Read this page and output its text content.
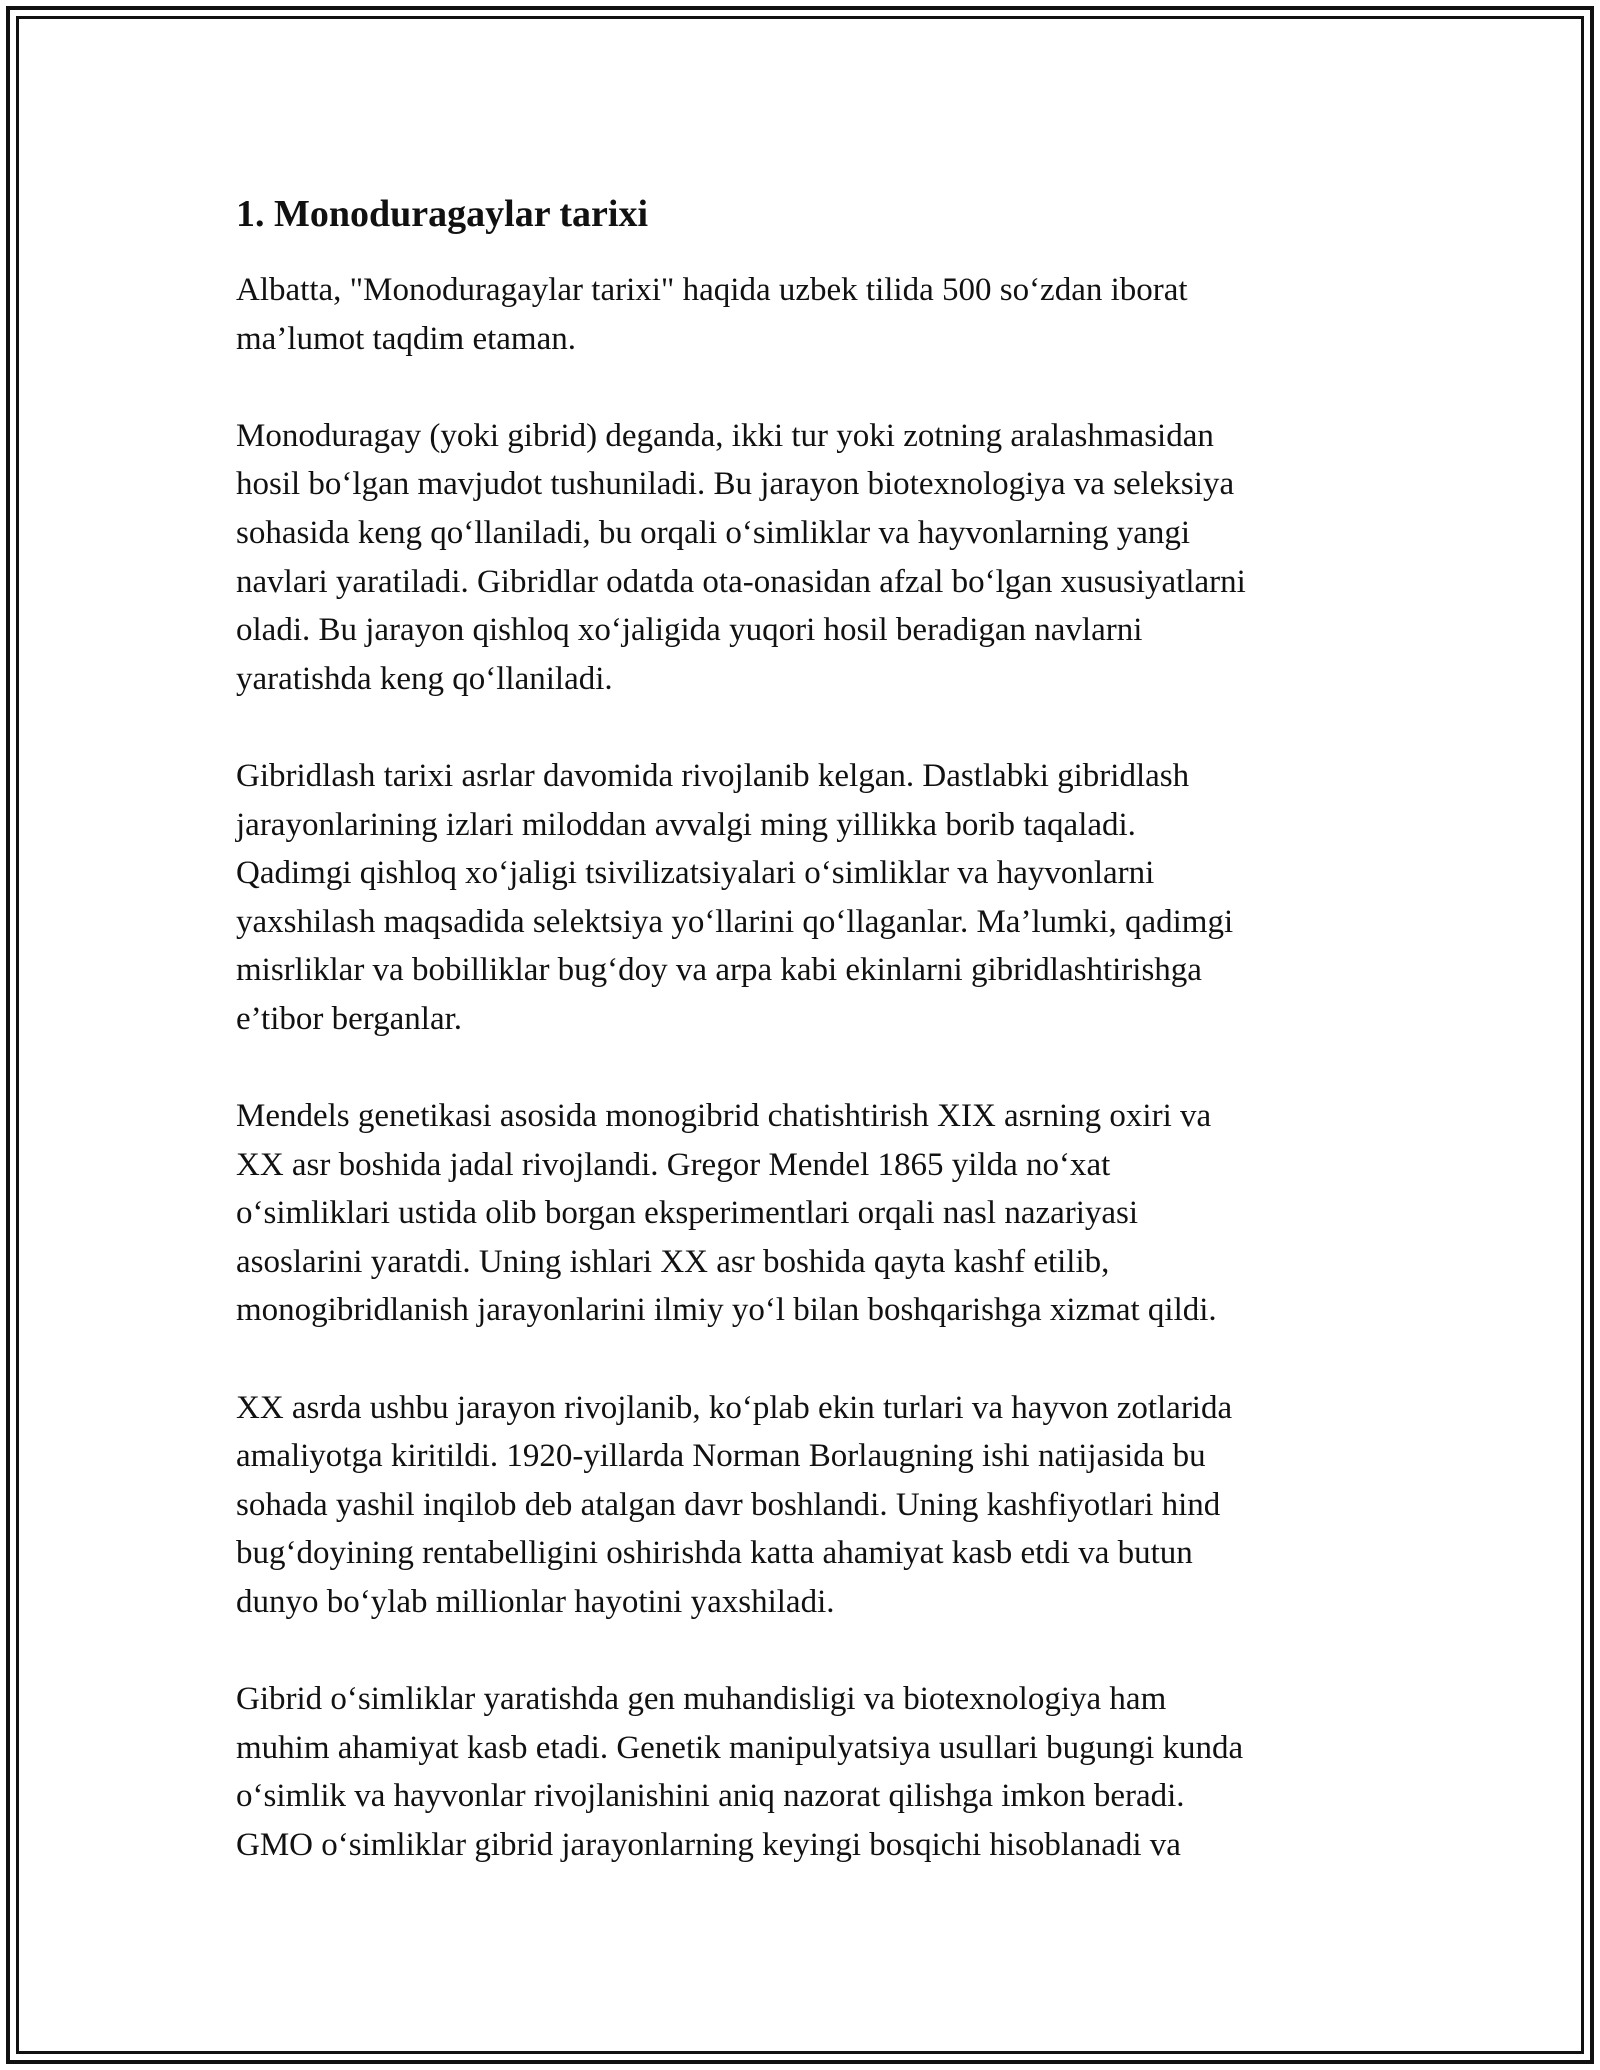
1. Monoduragaylar tarixi

Albatta, "Monoduragaylar tarixi" haqida uzbek tilida 500 so‘zdan iborat
ma’lumot taqdim etaman.

Monoduragay (yoki gibrid) deganda, ikki tur yoki zotning aralashmasidan
hosil bo‘lgan mavjudot tushuniladi. Bu jarayon biotexnologiya va seleksiya
sohasida keng qo‘llaniladi, bu orqali o‘simliklar va hayvonlarning yangi
navlari yaratiladi. Gibridlar odatda ota-onasidan afzal bo‘lgan xususiyatlarni
oladi. Bu jarayon qishloq xo‘jaligida yuqori hosil beradigan navlarni
yaratishda keng qo‘llaniladi.

Gibridlash tarixi asrlar davomida rivojlanib kelgan. Dastlabki gibridlash
jarayonlarining izlari miloddan avvalgi ming yillikka borib taqaladi.
Qadimgi qishloq xo‘jaligi tsivilizatsiyalari o‘simliklar va hayvonlarni
yaxshilash maqsadida selektsiya yo‘llarini qo‘llaganlar. Ma’lumki, qadimgi
misrliklar va bobilliklar bug‘doy va arpa kabi ekinlarni gibridlashtirishga
e’tibor berganlar.

Mendels genetikasi asosida monogibrid chatishtirish XIX asrning oxiri va
XX asr boshida jadal rivojlandi. Gregor Mendel 1865 yilda no‘xat
o‘simliklari ustida olib borgan eksperimentlari orqali nasl nazariyasi
asoslarini yaratdi. Uning ishlari XX asr boshida qayta kashf etilib,
monogibridlanish jarayonlarini ilmiy yo‘l bilan boshqarishga xizmat qildi.

XX asrda ushbu jarayon rivojlanib, ko‘plab ekin turlari va hayvon zotlarida
amaliyotga kiritildi. 1920-yillarda Norman Borlaugning ishi natijasida bu
sohada yashil inqilob deb atalgan davr boshlandi. Uning kashfiyotlari hind
bug‘doyining rentabelligini oshirishda katta ahamiyat kasb etdi va butun
dunyo bo‘ylab millionlar hayotini yaxshiladi.

Gibrid o‘simliklar yaratishda gen muhandisligi va biotexnologiya ham
muhim ahamiyat kasb etadi. Genetik manipulyatsiya usullari bugungi kunda
o‘simlik va hayvonlar rivojlanishini aniq nazorat qilishga imkon beradi.
GMO o‘simliklar gibrid jarayonlarning keyingi bosqichi hisoblanadi va
